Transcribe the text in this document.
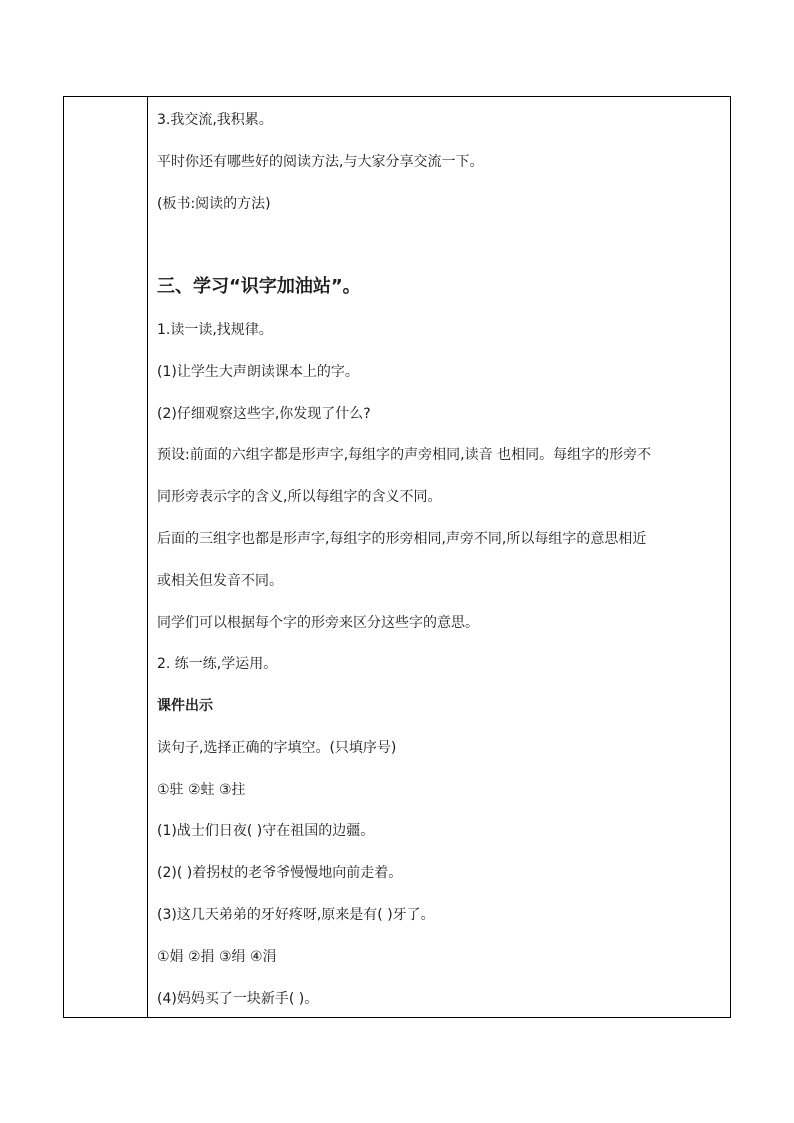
3.我交流,我积累。
平时你还有哪些好的阅读方法,与大家分享交流一下。
(板书:阅读的方法)
三、学习“识字加油站”。
1.读一读,找规律。
(1)让学生大声朗读课本上的字。
(2)仔细观察这些字,你发现了什么?
预设:前面的六组字都是形声字,每组字的声旁相同,读音 也相同。每组字的形旁不
同形旁表示字的含义,所以每组字的含义不同。
后面的三组字也都是形声字,每组字的形旁相同,声旁不同,所以每组字的意思相近
或相关但发音不同。
同学们可以根据每个字的形旁来区分这些字的意思。
2. 练一练,学运用。
课件出示
读句子,选择正确的字填空。(只填序号)
①驻 ②蛀 ③拄
(1)战士们日夜( )守在祖国的边疆。
(2)( )着拐杖的老爷爷慢慢地向前走着。
(3)这几天弟弟的牙好疼呀,原来是有( )牙了。
①娟 ②捐 ③绢 ④涓
(4)妈妈买了一块新手( )。
